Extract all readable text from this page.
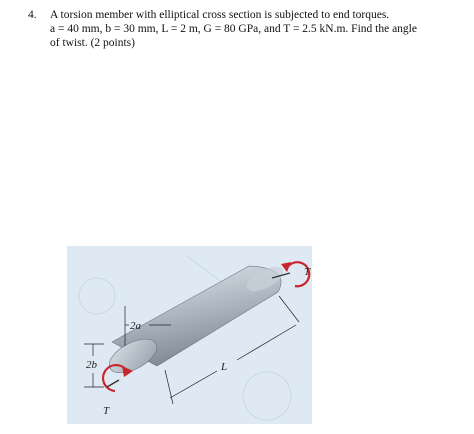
4. A torsion member with elliptical cross section is subjected to end torques.
a = 40 mm, b = 30 mm, L = 2 m, G = 80 GPa, and T = 2.5 kN.m. Find the angle
of twist. (2 points)
2a
2b	L
T
T
